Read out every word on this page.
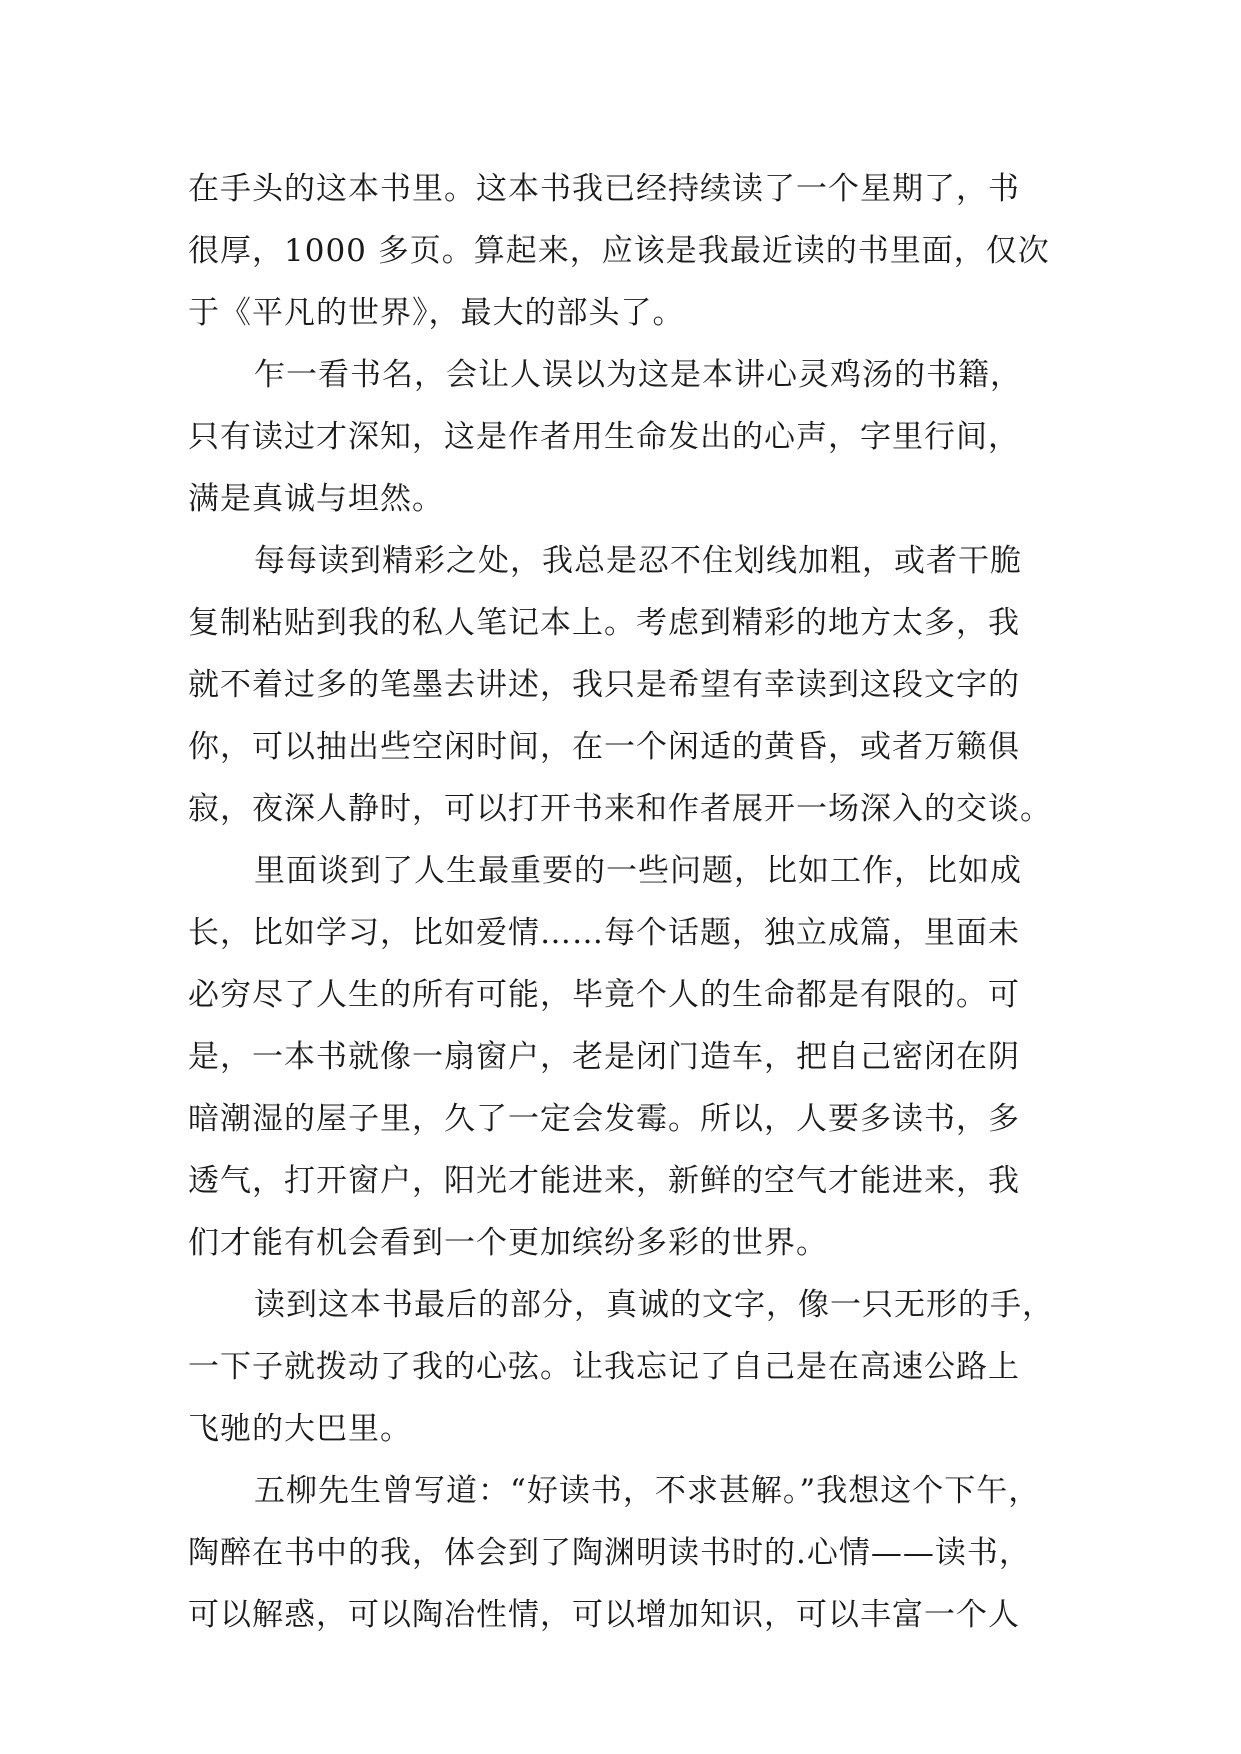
在手头的这本书里。这本书我已经持续读了一个星期了，书
很厚，1000 多页。算起来，应该是我最近读的书里面，仅次
于《平凡的世界》，最大的部头了。
乍一看书名，会让人误以为这是本讲心灵鸡汤的书籍，
只有读过才深知，这是作者用生命发出的心声，字里行间，
满是真诚与坦然。
每每读到精彩之处，我总是忍不住划线加粗，或者干脆
复制粘贴到我的私人笔记本上。考虑到精彩的地方太多，我
就不着过多的笔墨去讲述，我只是希望有幸读到这段文字的
你，可以抽出些空闲时间，在一个闲适的黄昏，或者万籁俱
寂，夜深人静时，可以打开书来和作者展开一场深入的交谈。
里面谈到了人生最重要的一些问题，比如工作，比如成
长，比如学习，比如爱情……每个话题，独立成篇，里面未
必穷尽了人生的所有可能，毕竟个人的生命都是有限的。可
是，一本书就像一扇窗户，老是闭门造车，把自己密闭在阴
暗潮湿的屋子里，久了一定会发霉。所以，人要多读书，多
透气，打开窗户，阳光才能进来，新鲜的空气才能进来，我
们才能有机会看到一个更加缤纷多彩的世界。
读到这本书最后的部分，真诚的文字，像一只无形的手，
一下子就拨动了我的心弦。让我忘记了自己是在高速公路上
飞驰的大巴里。
五柳先生曾写道：“好读书，不求甚解。”我想这个下午，
陶醉在书中的我，体会到了陶渊明读书时的.心情——读书，
可以解惑，可以陶冶性情，可以增加知识，可以丰富一个人
